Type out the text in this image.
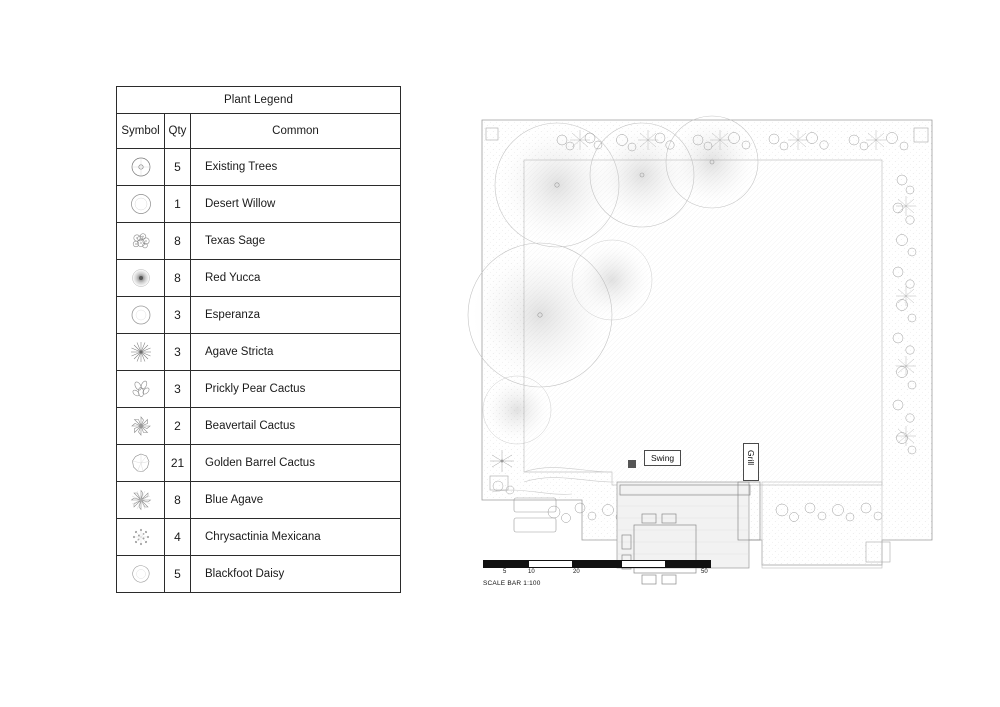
Plant Legend
Symbol Qty	Common
5	Existing Trees
1	Desert Willow
8	Texas Sage
8	Red Yucca
3	Esperanza
3	Agave Stricta
3	Prickly Pear Cactus
2	Beavertail Cactus
21	Golden Barrel Cactus
8	Blue Agave
4	Chrysactinia Mexicana
5	Blackfoot Daisy
Swing	Grill
5	10	20	50
SCALE BAR 1:100
